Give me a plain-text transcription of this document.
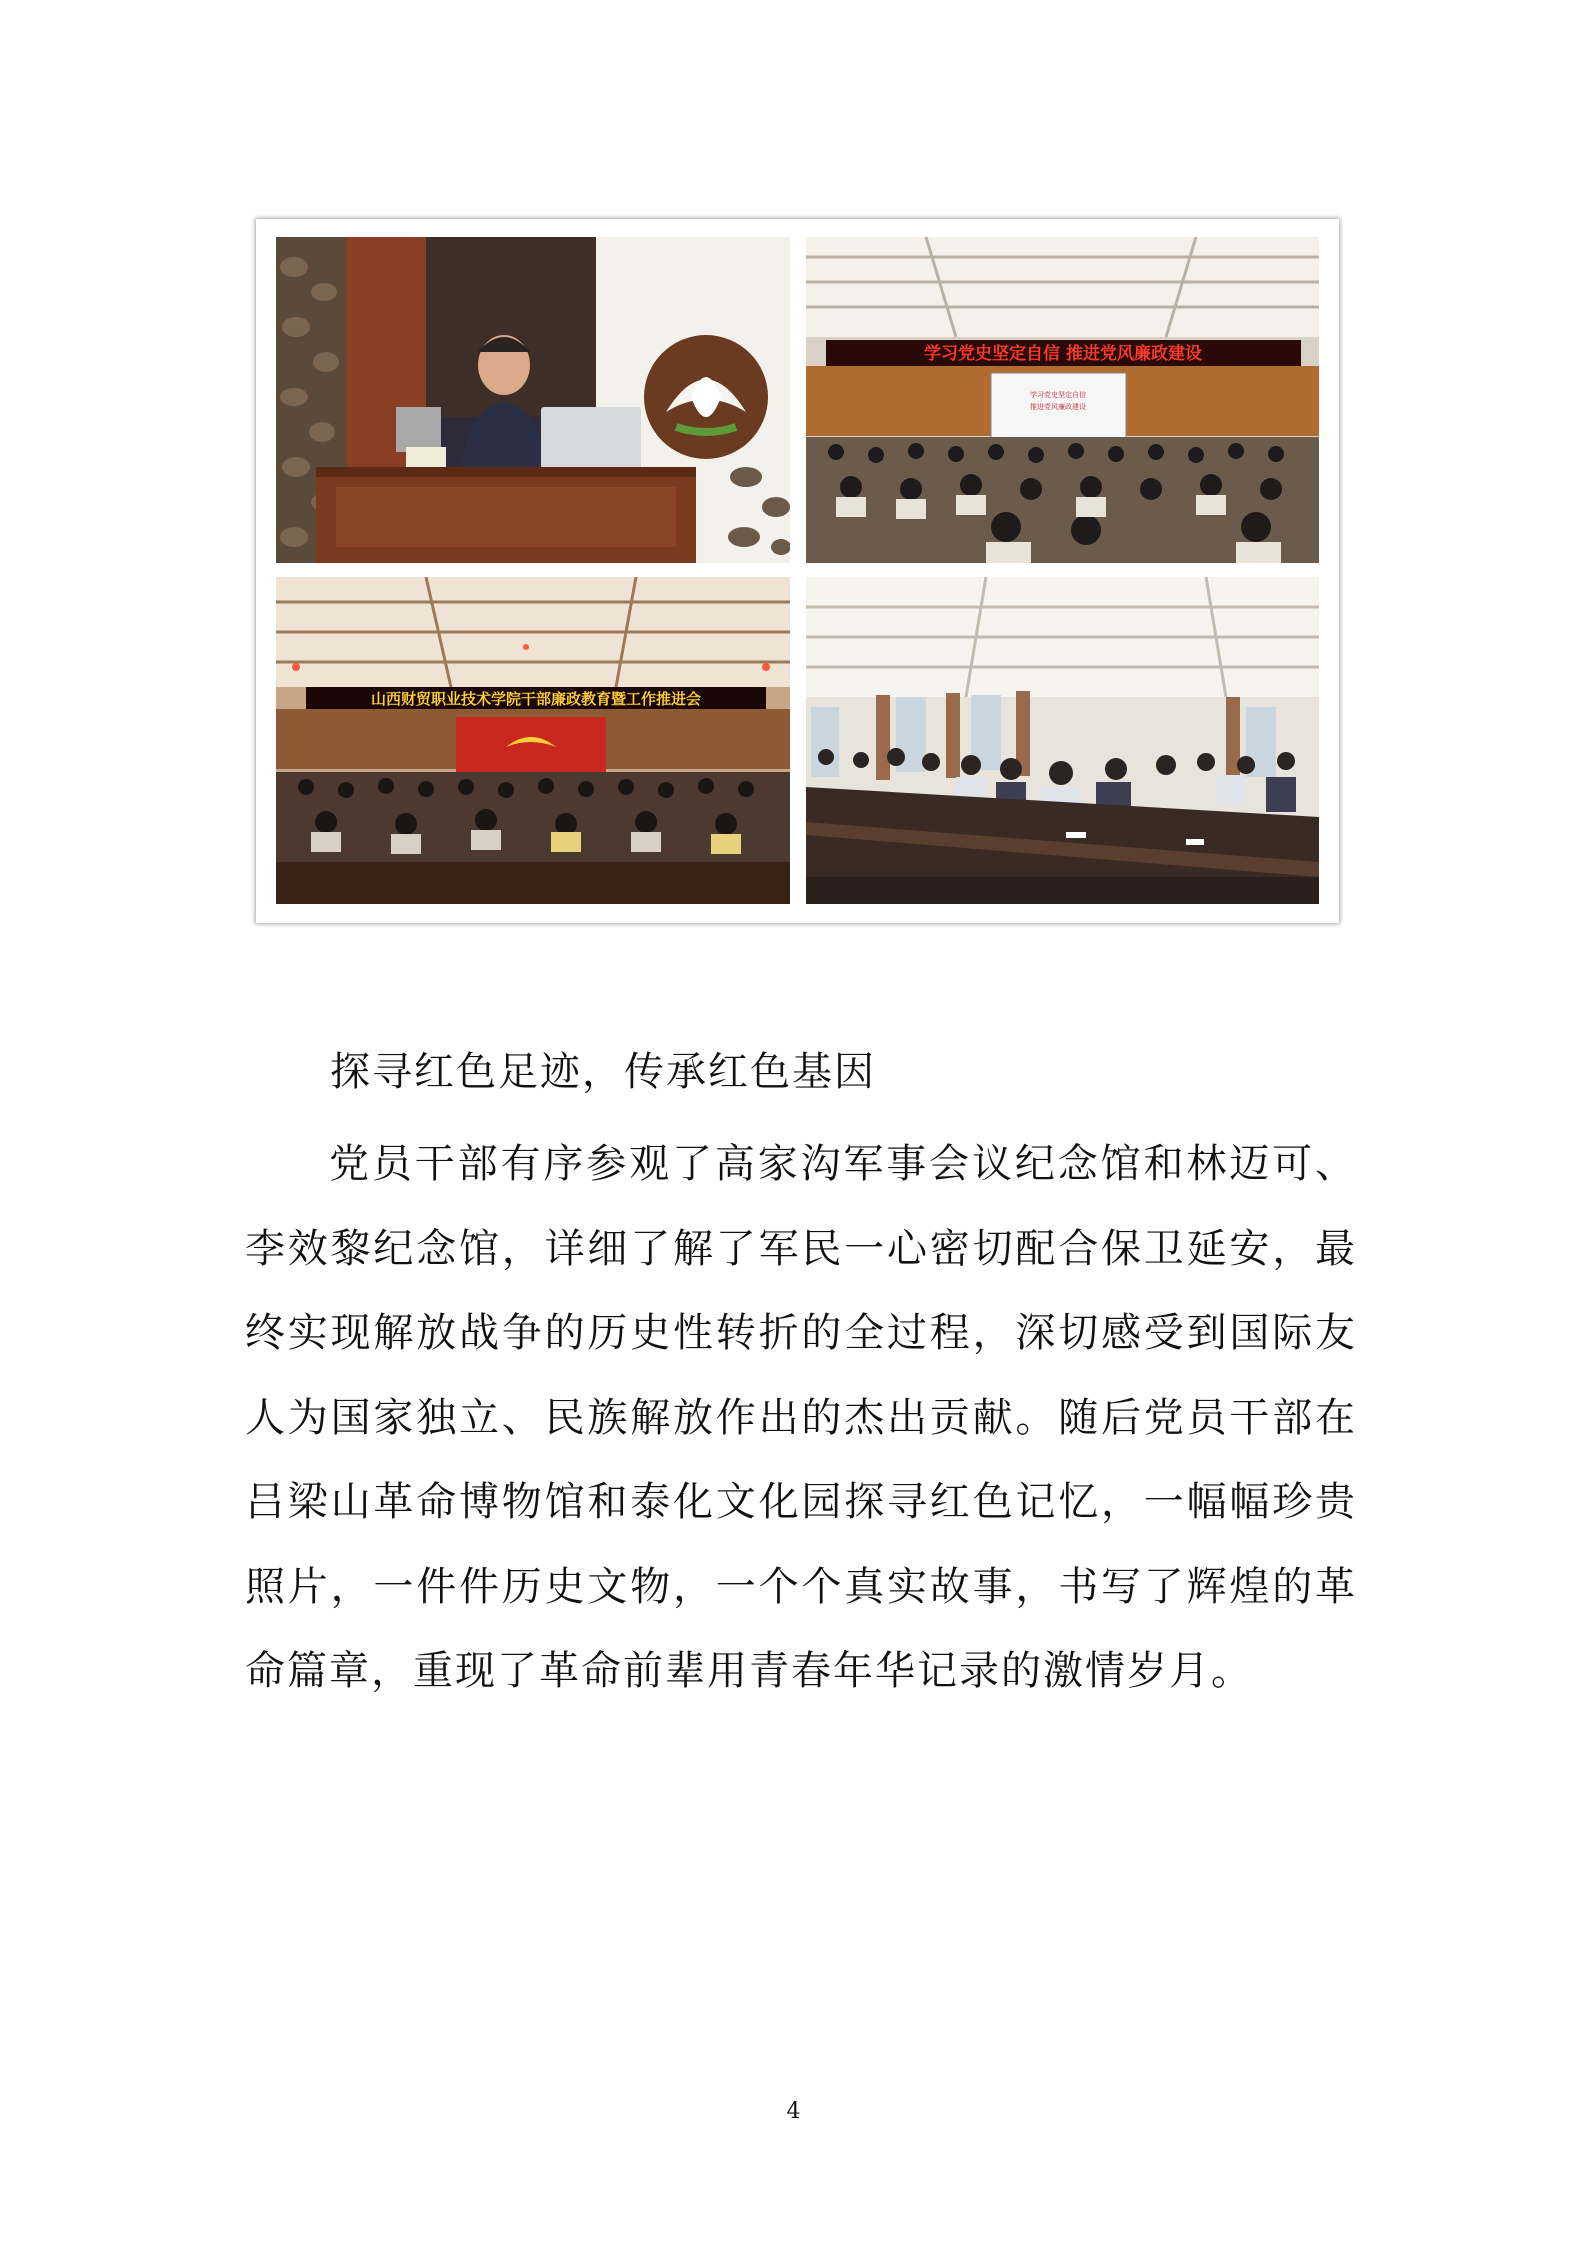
学习党史坚定自信 推进党风廉政建设
学习党史坚定自信
推进党风廉政建设
山西财贸职业技术学院干部廉政教育暨工作推进会
探寻红色足迹，传承红色基因

党员干部有序参观了高家沟军事会议纪念馆和林迈可、李效黎纪念馆，详细了解了军民一心密切配合保卫延安，最终实现解放战争的历史性转折的全过程，深切感受到国际友人为国家独立、民族解放作出的杰出贡献。随后党员干部在吕梁山革命博物馆和泰化文化园探寻红色记忆，一幅幅珍贵照片，一件件历史文物，一个个真实故事，书写了辉煌的革命篇章，重现了革命前辈用青春年华记录的激情岁月。

4
